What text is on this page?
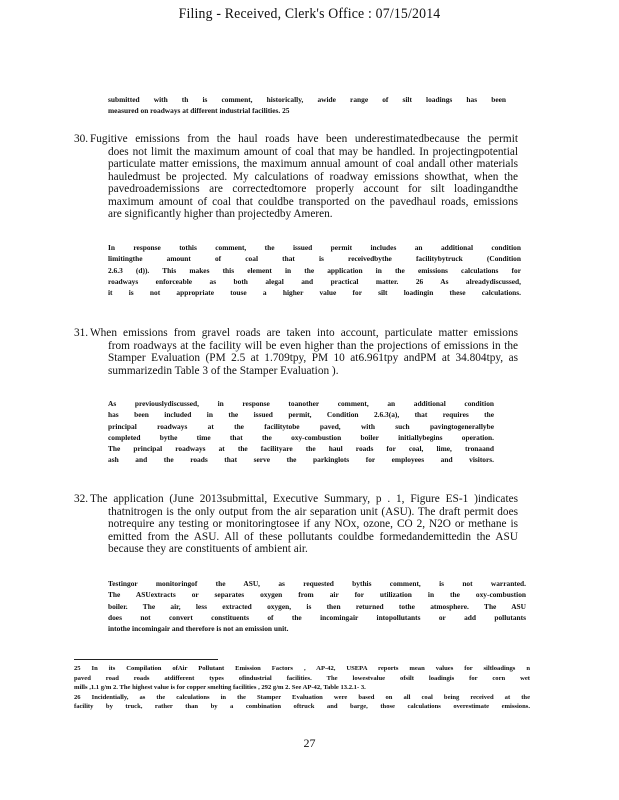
Filing - Received, Clerk's Office : 07/15/2014
submitted with th is comment, historically, awide range of silt loadings has been
measured on roadways at different industrial facilities. 25
30. Fugitive emissions from the haul roads have been underestimatedbecause the permit
does not limit the maximum amount of coal that may be handled. In projectingpotential
particulate matter emissions, the maximum annual amount of coal andall other materials
hauledmust be projected. My calculations of roadway emissions showthat, when the
pavedroademissions are correctedtomore properly account for silt loadingandthe
maximum amount of coal that couldbe transported on the pavedhaul roads, emissions
are significantly higher than projectedby Ameren.
In response tothis comment, the issued permit includes an additional condition
limitingthe amount of coal that is receivedbythe facilitybytruck (Condition
2.6.3 (d)). This makes this element in the application in the emissions calculations for
roadways enforceable as both alegal and practical matter. 26 As alreadydiscussed,
it is not appropriate touse a higher value for silt loadingin these calculations.
31. When emissions from gravel roads are taken into account, particulate matter emissions
from roadways at the facility will be even higher than the projections of emissions in the
Stamper Evaluation (PM 2.5 at 1.709tpy, PM 10 at6.961tpy andPM at 34.804tpy, as
summarizedin Table 3 of the Stamper Evaluation ).
As previouslydiscussed, in response toanother comment, an additional condition
has been included in the issued permit, Condition 2.6.3(a), that requires the
principal roadways at the facilitytobe paved, with such pavingtogenerallybe
completed bythe time that the oxy-combustion boiler initiallybegins operation.
The principal roadways at the facilityare the haul roads for coal, lime, tronaand
ash and the roads that serve the parkinglots for employees and visitors.
32. The application (June 2013submittal, Executive Summary, p . 1, Figure ES-1 )indicates
thatnitrogen is the only output from the air separation unit (ASU). The draft permit does
notrequire any testing or monitoringtosee if any NOx, ozone, CO 2, N2O or methane is
emitted from the ASU. All of these pollutants couldbe formedandemittedin the ASU
because they are constituents of ambient air.
Testingor monitoringof the ASU, as requested bythis comment, is not warranted.
The ASUextracts or separates oxygen from air for utilization in the oxy-combustion
boiler. The air, less extracted oxygen, is then returned tothe atmosphere. The ASU
does not convert constituents of the incomingair intopollutants or add pollutants
intothe incomingair and therefore is not an emission unit.
25 In its Compilation ofAir Pollutant Emission Factors , AP-42, USEPA reports mean values for siltloadings n
paved road roads atdifferent types ofindustrial facilities. The lowestvalue ofsilt loadingis for corn wet
mills ,1.1 g/m 2. The highest value is for copper smelting facilities , 292 g/m 2. See AP-42, Table 13.2.1- 3.
26 Incidentially, as the calculations in the Stamper Evaluation were based on all coal being received at the
facility by truck, rather than by a combination oftruck and barge, those calculations overestimate emissions.
27
